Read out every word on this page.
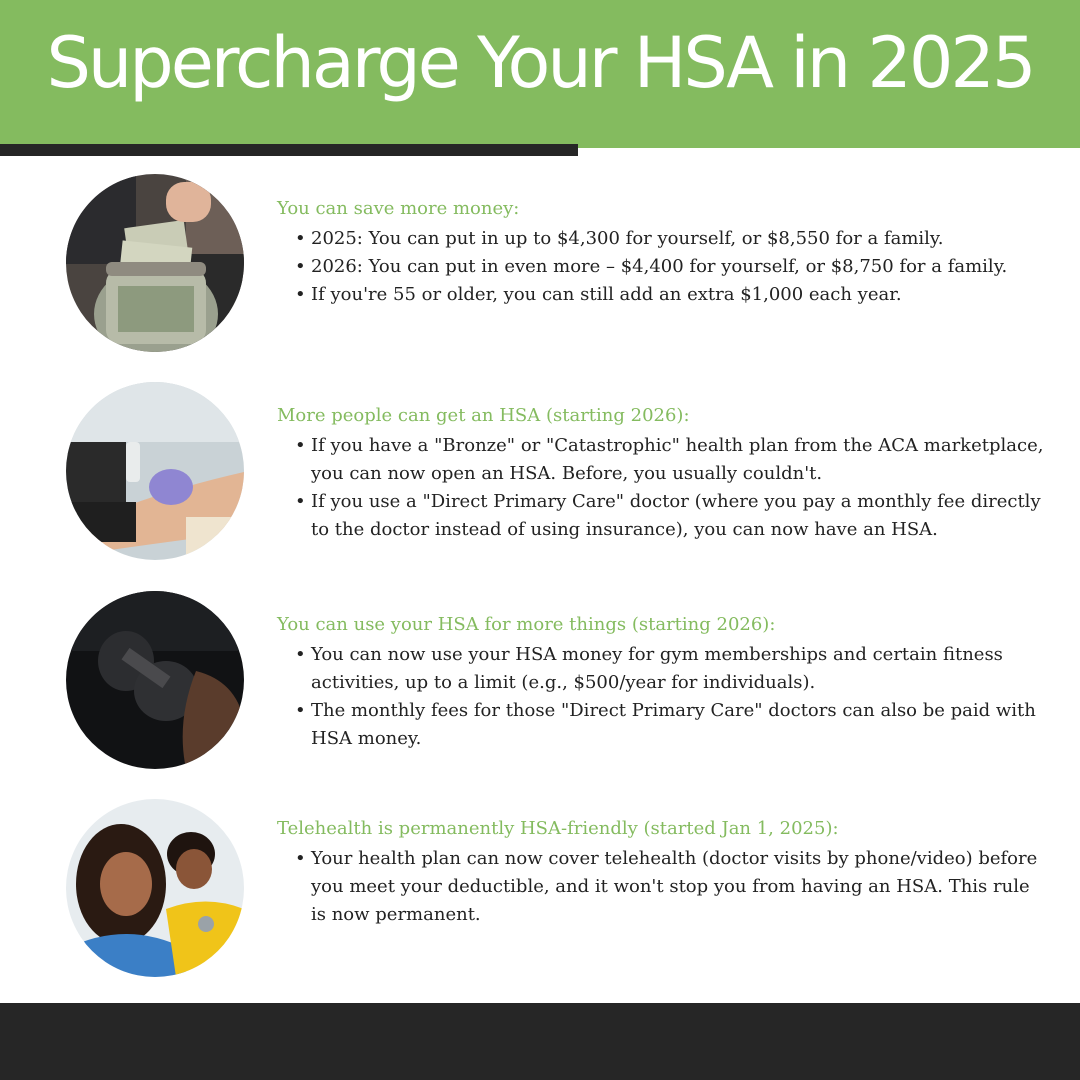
Supercharge Your HSA in 2025
You can save more money:
• 2025: You can put in up to $4,300 for yourself, or $8,550 for a family.
• 2026: You can put in even more – $4,400 for yourself, or $8,750 for a family.
• If you're 55 or older, you can still add an extra $1,000 each year.
More people can get an HSA (starting 2026):
• If you have a "Bronze" or "Catastrophic" health plan from the ACA marketplace, you can now open an HSA. Before, you usually couldn't.
• If you use a "Direct Primary Care" doctor (where you pay a monthly fee directly to the doctor instead of using insurance), you can now have an HSA.
You can use your HSA for more things (starting 2026):
• You can now use your HSA money for gym memberships and certain fitness activities, up to a limit (e.g., $500/year for individuals).
• The monthly fees for those "Direct Primary Care" doctors can also be paid with HSA money.
Telehealth is permanently HSA-friendly (started Jan 1, 2025):
• Your health plan can now cover telehealth (doctor visits by phone/video) before you meet your deductible, and it won't stop you from having an HSA. This rule is now permanent.
